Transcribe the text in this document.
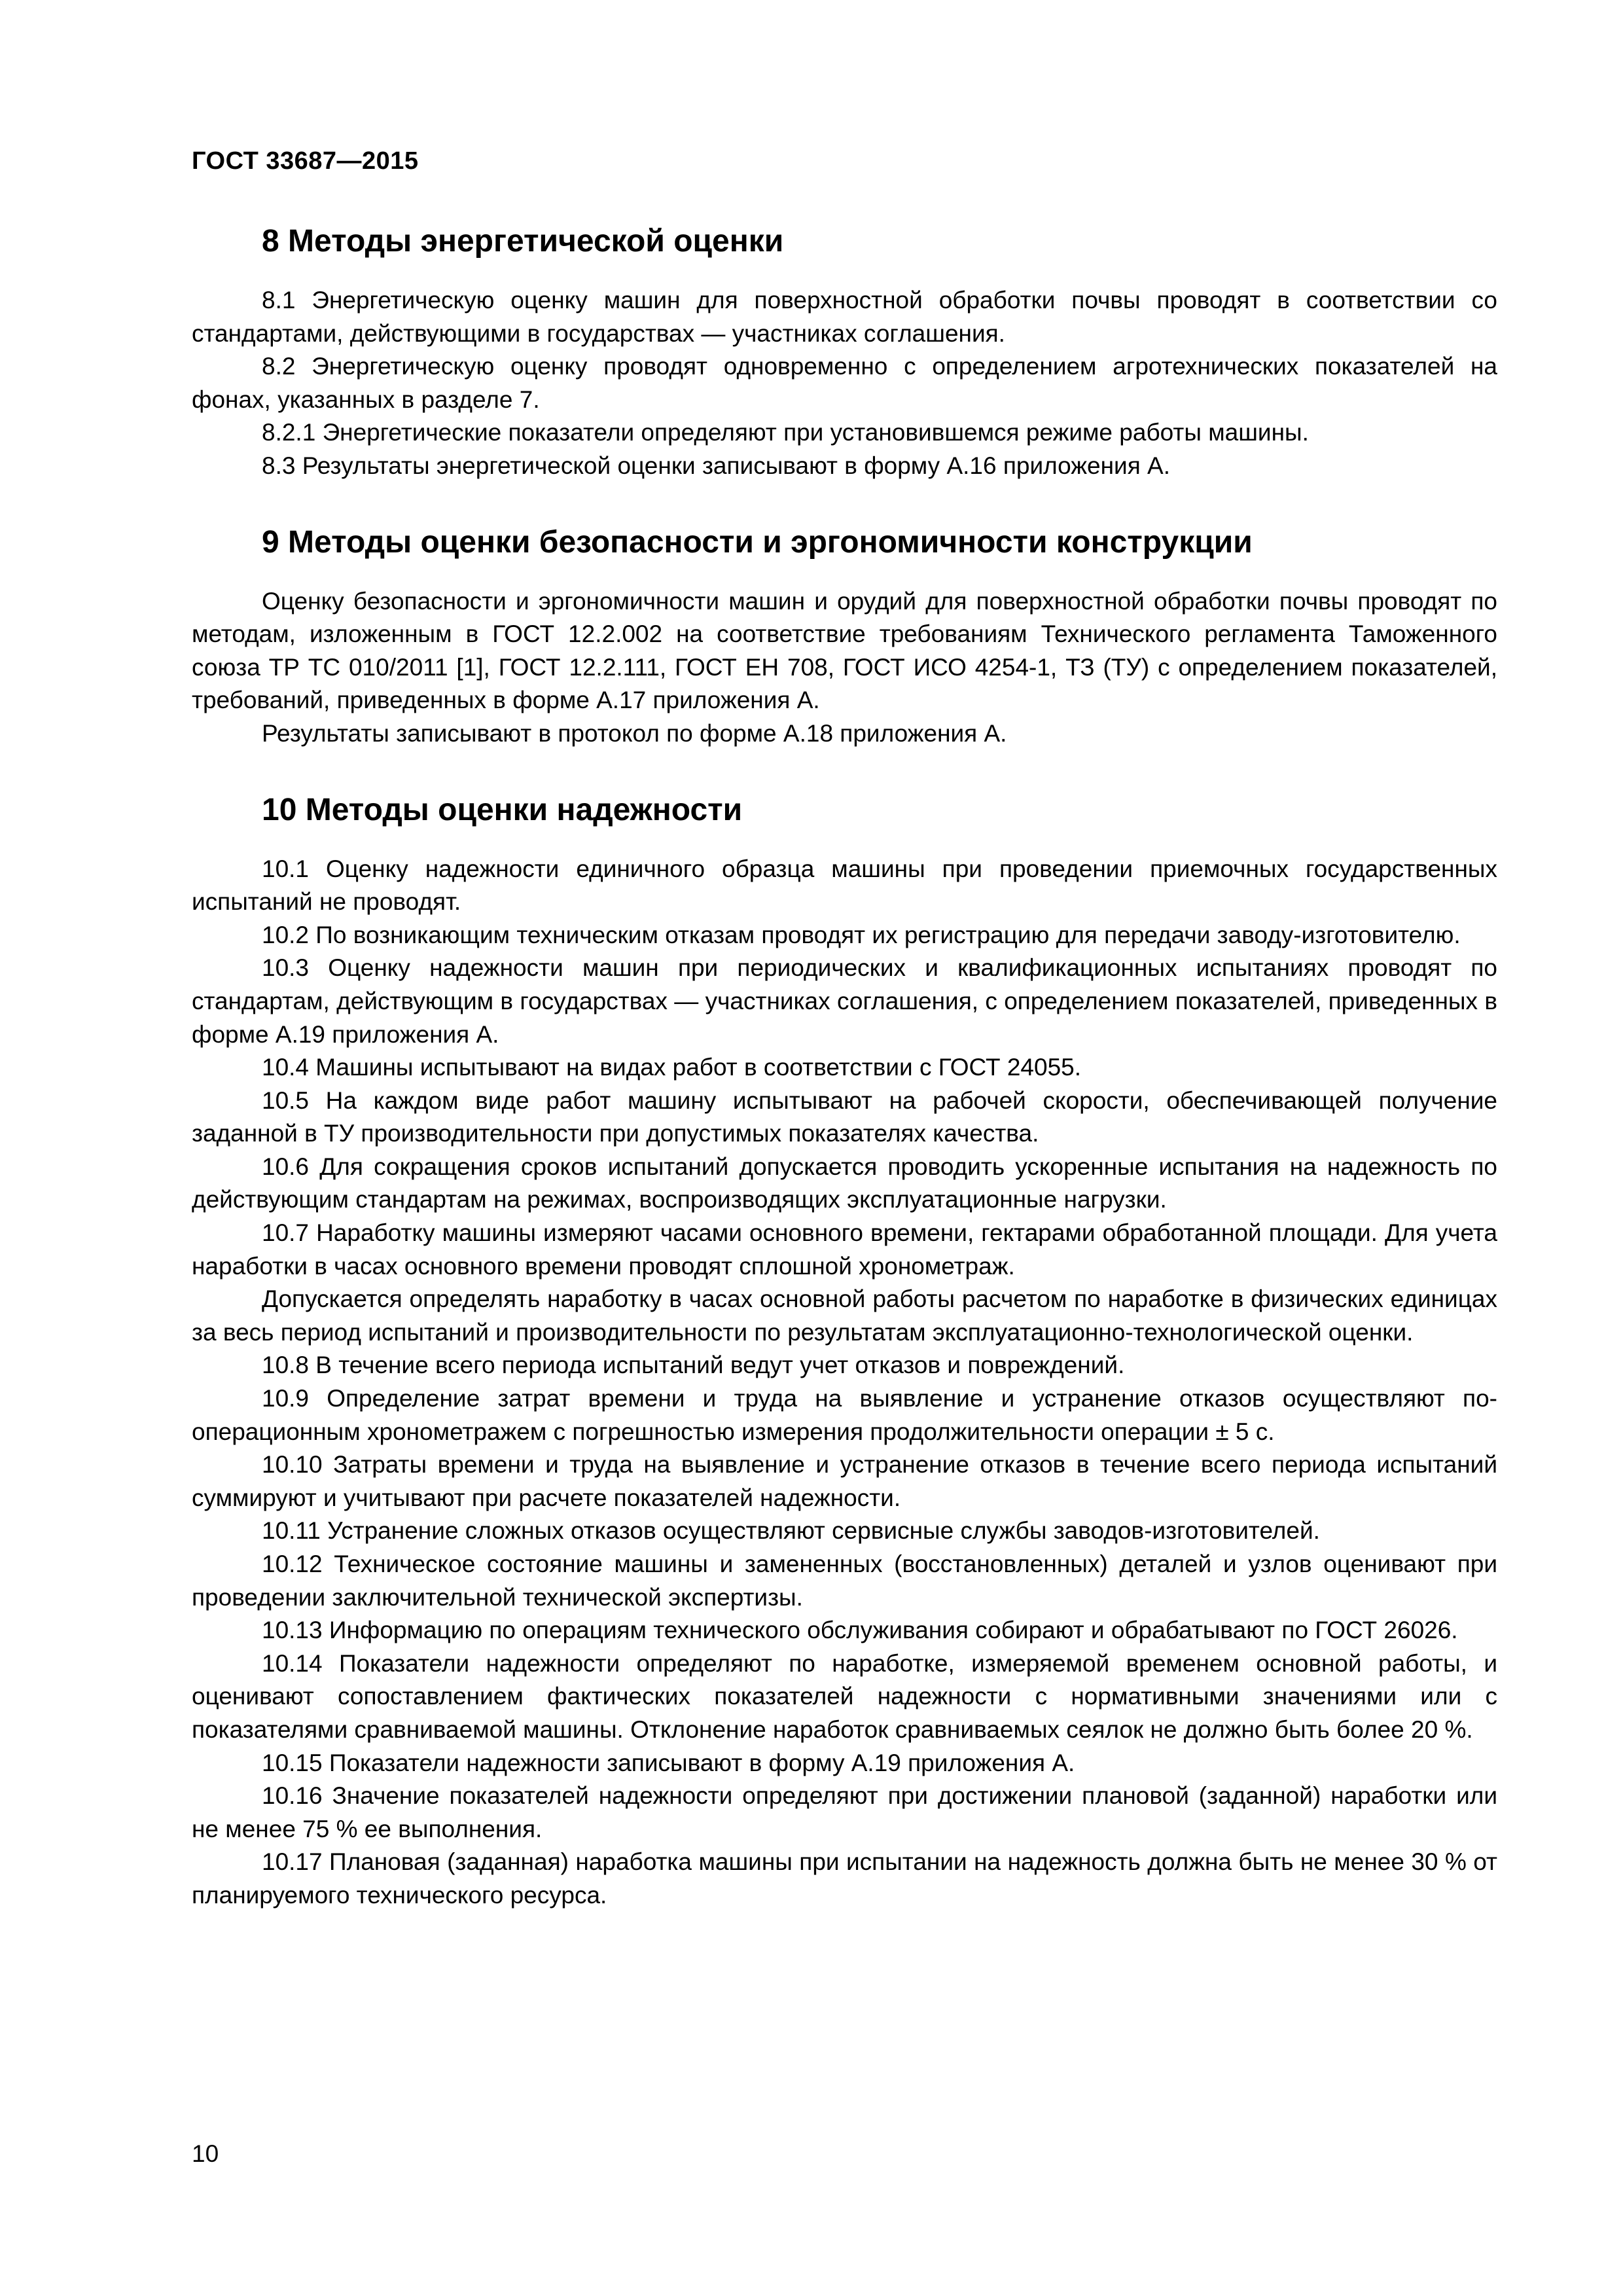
ГОСТ 33687—2015
8 Методы энергетической оценки

8.1 Энергетическую оценку машин для поверхностной обработки почвы проводят в соответствии со стандартами, действующими в государствах — участниках соглашения.

8.2 Энергетическую оценку проводят одновременно с определением агротехнических показателей на фонах, указанных в разделе 7.

8.2.1 Энергетические показатели определяют при установившемся режиме работы машины.

8.3 Результаты энергетической оценки записывают в форму А.16 приложения А.

9 Методы оценки безопасности и эргономичности конструкции

Оценку безопасности и эргономичности машин и орудий для поверхностной обработки почвы проводят по методам, изложенным в ГОСТ 12.2.002 на соответствие требованиям Технического регламента Таможенного союза ТР ТС 010/2011 [1], ГОСТ 12.2.111, ГОСТ ЕН 708, ГОСТ ИСО 4254-1, ТЗ (ТУ) с определением показателей, требований, приведенных в форме А.17 приложения А.

Результаты записывают в протокол по форме А.18 приложения А.

10 Методы оценки надежности

10.1 Оценку надежности единичного образца машины при проведении приемочных государственных испытаний не проводят.

10.2 По возникающим техническим отказам проводят их регистрацию для передачи заводу-изготовителю.

10.3 Оценку надежности машин при периодических и квалификационных испытаниях проводят по стандартам, действующим в государствах — участниках соглашения, с определением показателей, приведенных в форме А.19 приложения А.

10.4 Машины испытывают на видах работ в соответствии с ГОСТ 24055.

10.5 На каждом виде работ машину испытывают на рабочей скорости, обеспечивающей получение заданной в ТУ производительности при допустимых показателях качества.

10.6 Для сокращения сроков испытаний допускается проводить ускоренные испытания на надежность по действующим стандартам на режимах, воспроизводящих эксплуатационные нагрузки.

10.7 Наработку машины измеряют часами основного времени, гектарами обработанной площади. Для учета наработки в часах основного времени проводят сплошной хронометраж.

Допускается определять наработку в часах основной работы расчетом по наработке в физических единицах за весь период испытаний и производительности по результатам эксплуатационно-технологической оценки.

10.8 В течение всего периода испытаний ведут учет отказов и повреждений.

10.9 Определение затрат времени и труда на выявление и устранение отказов осуществляют пооперационным хронометражем с погрешностью измерения продолжительности операции ± 5 с.

10.10 Затраты времени и труда на выявление и устранение отказов в течение всего периода испытаний суммируют и учитывают при расчете показателей надежности.

10.11 Устранение сложных отказов осуществляют сервисные службы заводов-изготовителей.

10.12 Техническое состояние машины и замененных (восстановленных) деталей и узлов оценивают при проведении заключительной технической экспертизы.

10.13 Информацию по операциям технического обслуживания собирают и обрабатывают по ГОСТ 26026.

10.14 Показатели надежности определяют по наработке, измеряемой временем основной работы, и оценивают сопоставлением фактических показателей надежности с нормативными значениями или с показателями сравниваемой машины. Отклонение наработок сравниваемых сеялок не должно быть более 20 %.

10.15 Показатели надежности записывают в форму А.19 приложения А.

10.16 Значение показателей надежности определяют при достижении плановой (заданной) наработки или не менее 75 % ее выполнения.

10.17 Плановая (заданная) наработка машины при испытании на надежность должна быть не менее 30 % от планируемого технического ресурса.

10
